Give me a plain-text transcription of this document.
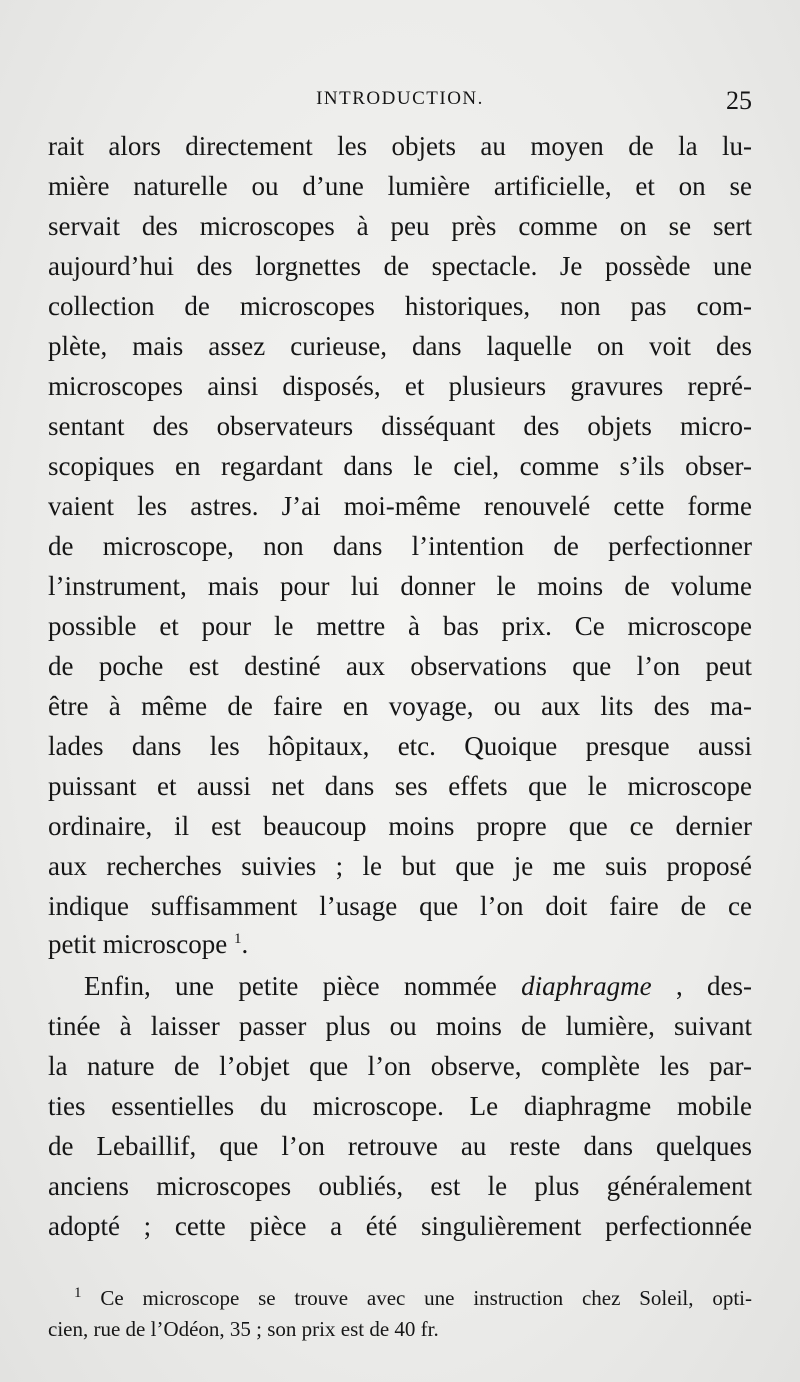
INTRODUCTION.	25
rait alors directement les objets au moyen de la lu-
mière naturelle ou d’une lumière artificielle, et on se
servait des microscopes à peu près comme on se sert
aujourd’hui des lorgnettes de spectacle. Je possède une
collection de microscopes historiques, non pas com-
plète, mais assez curieuse, dans laquelle on voit des
microscopes ainsi disposés, et plusieurs gravures repré-
sentant des observateurs disséquant des objets micro-
scopiques en regardant dans le ciel, comme s’ils obser-
vaient les astres. J’ai moi-même renouvelé cette forme
de microscope, non dans l’intention de perfectionner
l’instrument, mais pour lui donner le moins de volume
possible et pour le mettre à bas prix. Ce microscope
de poche est destiné aux observations que l’on peut
être à même de faire en voyage, ou aux lits des ma-
lades dans les hôpitaux, etc. Quoique presque aussi
puissant et aussi net dans ses effets que le microscope
ordinaire, il est beaucoup moins propre que ce dernier
aux recherches suivies ; le but que je me suis proposé
indique suffisamment l’usage que l’on doit faire de ce
petit microscope $^1$.
Enfin, une petite pièce nommée diaphragme , des-
tinée à laisser passer plus ou moins de lumière, suivant
la nature de l’objet que l’on observe, complète les par-
ties essentielles du microscope. Le diaphragme mobile
de Lebaillif, que l’on retrouve au reste dans quelques
anciens microscopes oubliés, est le plus généralement
adopté ; cette pièce a été singulièrement perfectionnée
$^1$ Ce microscope se trouve avec une instruction chez Soleil, opti-
cien, rue de l’Odéon, 35 ; son prix est de 40 fr.
